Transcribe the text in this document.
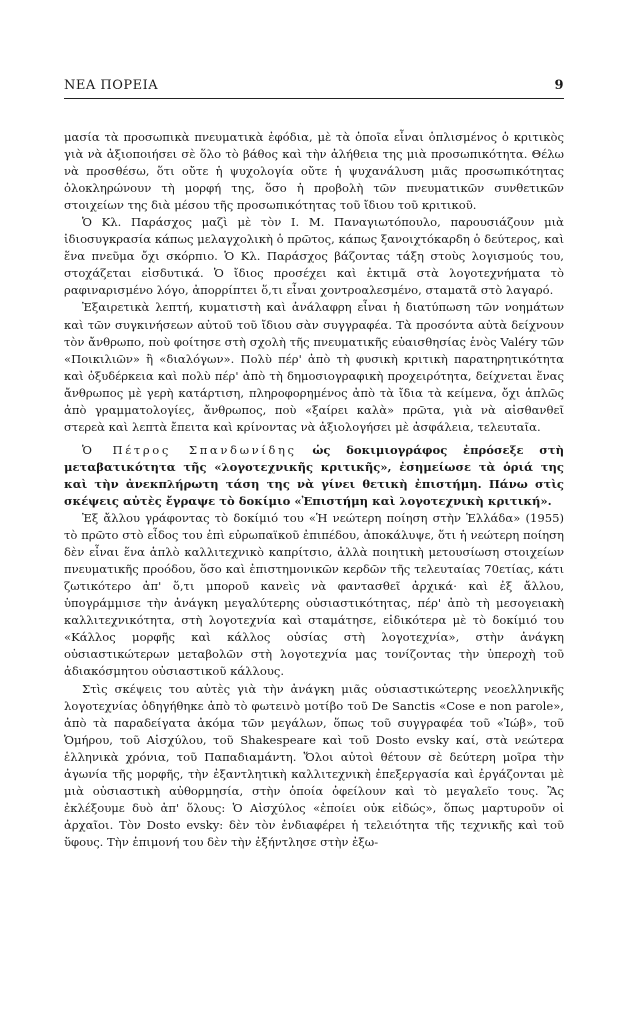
ΝΕΑ ΠΟΡΕΙΑ	9

μασία τὰ προσωπικὰ πνευματικὰ ἐφόδια, μὲ τὰ ὁποῖα εἶναι ὁπλισμένος ὁ κριτικὸς γιὰ νὰ ἀξιοποιήσει σὲ ὅλο τὸ βάθος καὶ τὴν ἀλήθεια της μιὰ προσωπικότητα. Θέλω νὰ προσθέσω, ὅτι οὔτε ἡ ψυχολογία οὔτε ἡ ψυχανάλυση μιᾶς προσωπικότητας ὁλοκληρώνουν τὴ μορφή της, ὅσο ἡ προβολὴ τῶν πνευματικῶν συνθετικῶν στοιχείων της διὰ μέσου τῆς προσωπικότητας τοῦ ἴδιου τοῦ κριτικοῦ.

Ὁ Κλ. Παράσχος μαζὶ μὲ τὸν Ι. Μ. Παναγιωτόπουλο, παρουσιάζουν μιὰ ἰδιοσυγκρασία κάπως μελαγχολικὴ ὁ πρῶτος, κάπως ξανοιχτόκαρδη ὁ δεύτερος, καὶ ἕνα πνεῦμα ὄχι σκόρπιο. Ὁ Κλ. Παράσχος βάζοντας τάξη στοὺς λογισμούς του, στοχάζεται εἰσδυτικά. Ὁ ἴδιος προσέχει καὶ ἐκτιμᾶ στὰ λογοτεχνήματα τὸ ραφιναρισμένο λόγο, ἀπορρίπτει ὅ,τι εἶναι χοντροαλεσμένο, σταματᾶ στὸ λαγαρό.

Ἐξαιρετικὰ λεπτή, κυματιστὴ καὶ ἀνάλαφρη εἶναι ἡ διατύπωση τῶν νοημάτων καὶ τῶν συγκινήσεων αὐτοῦ τοῦ ἴδιου σὰν συγγραφέα. Τὰ προσόντα αὐτὰ δείχνουν τὸν ἄνθρωπο, ποὺ φοίτησε στὴ σχολὴ τῆς πνευματικῆς εὐαισθησίας ἑνὸς Valéry τῶν «Ποικιλιῶν» ἢ «διαλόγων». Πολὺ πέρ' ἀπὸ τὴ φυσικὴ κριτικὴ παρατηρητικότητα καὶ ὀξυδέρκεια καὶ πολὺ πέρ' ἀπὸ τὴ δημοσιογραφικὴ προχειρότητα, δείχνεται ἕνας ἄνθρωπος μὲ γερὴ κατάρτιση, πληροφορημένος ἀπὸ τὰ ἴδια τὰ κείμενα, ὄχι ἁπλῶς ἀπὸ γραμματολογίες, ἄνθρωπος, ποὺ «ξαίρει καλὰ» πρῶτα, γιὰ νὰ αἰσθανθεῖ στερεὰ καὶ λεπτὰ ἔπειτα καὶ κρίνοντας νὰ ἀξιολογήσει μὲ ἀσφάλεια, τελευταῖα.

Ὁ Πέτρος Σπανδωνίδης ὡς δοκιμιογράφος ἐπρόσεξε στὴ μεταβατικότητα τῆς «λογοτεχνικῆς κριτικῆς», ἐσημείωσε τὰ ὁριά της καὶ τὴν ἀνεκπλήρωτη τάση της νὰ γίνει θετικὴ ἐπιστήμη. Πάνω στὶς σκέψεις αὐτὲς ἔγραψε τὸ δοκίμιο «Ἐπιστήμη καὶ λογοτεχνικὴ κριτική».

Ἐξ ἄλλου γράφοντας τὸ δοκίμιό του «Ἡ νεώτερη ποίηση στὴν Ἑλλάδα» (1955) τὸ πρῶτο στὸ εἶδος του ἐπὶ εὐρωπαϊκοῦ ἐπιπέδου, ἀποκάλυψε, ὅτι ἡ νεώτερη ποίηση δὲν εἶναι ἕνα ἁπλὸ καλλιτεχνικὸ καπρίτσιο, ἀλλὰ ποιητικὴ μετουσίωση στοιχείων πνευματικῆς προόδου, ὅσο καὶ ἐπιστημονικῶν κερδῶν τῆς τελευταίας 70ετίας, κάτι ζωτικότερο ἀπ' ὅ,τι μποροῦ κανεὶς νὰ φαντασθεῖ ἀρχικά· καὶ ἐξ ἄλλου, ὑπογράμμισε τὴν ἀνάγκη μεγαλύτερης οὐσιαστικότητας, πέρ' ἀπὸ τὴ μεσογειακὴ καλλιτεχνικότητα, στὴ λογοτεχνία καὶ σταμάτησε, εἰδικότερα μὲ τὸ δοκίμιό του «Κάλλος μορφῆς καὶ κάλλος οὐσίας στὴ λογοτεχνία», στὴν ἀνάγκη οὐσιαστικώτερων μεταβολῶν στὴ λογοτεχνία μας τονίζοντας τὴν ὑπεροχὴ τοῦ ἀδιακόσμητου οὐσιαστικοῦ κάλλους.

Στὶς σκέψεις του αὐτὲς γιὰ τὴν ἀνάγκη μιᾶς οὐσιαστικώτερης νεοελληνικῆς λογοτεχνίας ὁδηγήθηκε ἀπὸ τὸ φωτεινὸ μοτίβο τοῦ De Sanctis «Cose e non parole», ἀπὸ τὰ παραδείγατα ἀκόμα τῶν μεγάλων, ὅπως τοῦ συγγραφέα τοῦ «Ἰώβ», τοῦ Ὁμήρου, τοῦ Αἰσχύλου, τοῦ Shakespeare καὶ τοῦ Dosto evsky καί, στὰ νεώτερα ἑλληνικὰ χρόνια, τοῦ Παπαδιαμάντη. Ὅλοι αὐτοὶ θέτουν σὲ δεύτερη μοῖρα τὴν ἀγωνία τῆς μορφῆς, τὴν ἐξαντλητικὴ καλλιτεχνικὴ ἐπεξεργασία καὶ ἐργάζονται μὲ μιὰ οὐσιαστικὴ αὐθορμησία, στὴν ὁποία ὀφείλουν καὶ τὸ μεγαλεῖο τους. Ἂς ἐκλέξουμε δυὸ ἀπ' ὅλους: Ὁ Αἰσχύλος «ἐποίει οὐκ εἰδώς», ὅπως μαρτυροῦν οἱ ἀρχαῖοι. Τὸν Dosto evsky: δὲν τὸν ἐνδιαφέρει ἡ τελειότητα τῆς τεχνικῆς καὶ τοῦ ὕφους. Τὴν ἐπιμονή του δὲν τὴν ἐξήντλησε στὴν ἐξω-
